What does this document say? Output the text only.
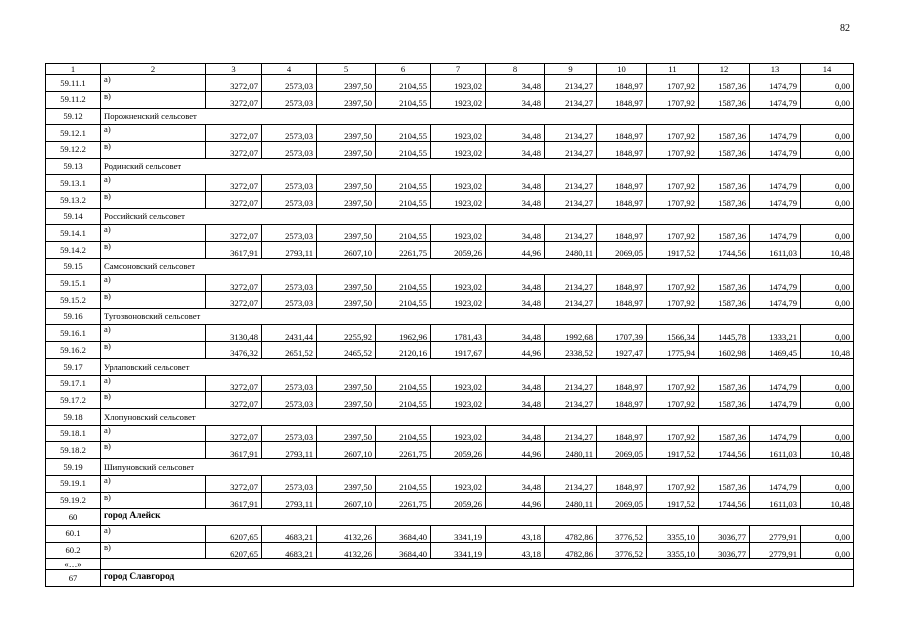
82
1	2	3	4	5	6	7	8	9	10	11	12	13	14
59.11.1	а)	3272,07	2573,03	2397,50	2104,55	1923,02	34,48	2134,27	1848,97	1707,92	1587,36	1474,79	0,00
59.11.2	в)	3272,07	2573,03	2397,50	2104,55	1923,02	34,48	2134,27	1848,97	1707,92	1587,36	1474,79	0,00
59.12	Порожненский сельсовет												
59.12.1	а)	3272,07	2573,03	2397,50	2104,55	1923,02	34,48	2134,27	1848,97	1707,92	1587,36	1474,79	0,00
59.12.2	в)	3272,07	2573,03	2397,50	2104,55	1923,02	34,48	2134,27	1848,97	1707,92	1587,36	1474,79	0,00
59.13	Родинский сельсовет												
59.13.1	а)	3272,07	2573,03	2397,50	2104,55	1923,02	34,48	2134,27	1848,97	1707,92	1587,36	1474,79	0,00
59.13.2	в)	3272,07	2573,03	2397,50	2104,55	1923,02	34,48	2134,27	1848,97	1707,92	1587,36	1474,79	0,00
59.14	Российский сельсовет												
59.14.1	а)	3272,07	2573,03	2397,50	2104,55	1923,02	34,48	2134,27	1848,97	1707,92	1587,36	1474,79	0,00
59.14.2	в)	3617,91	2793,11	2607,10	2261,75	2059,26	44,96	2480,11	2069,05	1917,52	1744,56	1611,03	10,48
59.15	Самсоновский сельсовет												
59.15.1	а)	3272,07	2573,03	2397,50	2104,55	1923,02	34,48	2134,27	1848,97	1707,92	1587,36	1474,79	0,00
59.15.2	в)	3272,07	2573,03	2397,50	2104,55	1923,02	34,48	2134,27	1848,97	1707,92	1587,36	1474,79	0,00
59.16	Тугозвоновский сельсовет												
59.16.1	а)	3130,48	2431,44	2255,92	1962,96	1781,43	34,48	1992,68	1707,39	1566,34	1445,78	1333,21	0,00
59.16.2	в)	3476,32	2651,52	2465,52	2120,16	1917,67	44,96	2338,52	1927,47	1775,94	1602,98	1469,45	10,48
59.17	Урлаповский сельсовет												
59.17.1	а)	3272,07	2573,03	2397,50	2104,55	1923,02	34,48	2134,27	1848,97	1707,92	1587,36	1474,79	0,00
59.17.2	в)	3272,07	2573,03	2397,50	2104,55	1923,02	34,48	2134,27	1848,97	1707,92	1587,36	1474,79	0,00
59.18	Хлопуновский сельсовет												
59.18.1	а)	3272,07	2573,03	2397,50	2104,55	1923,02	34,48	2134,27	1848,97	1707,92	1587,36	1474,79	0,00
59.18.2	в)	3617,91	2793,11	2607,10	2261,75	2059,26	44,96	2480,11	2069,05	1917,52	1744,56	1611,03	10,48
59.19	Шипуновский сельсовет												
59.19.1	а)	3272,07	2573,03	2397,50	2104,55	1923,02	34,48	2134,27	1848,97	1707,92	1587,36	1474,79	0,00
59.19.2	в)	3617,91	2793,11	2607,10	2261,75	2059,26	44,96	2480,11	2069,05	1917,52	1744,56	1611,03	10,48
60	город Алейск												
60.1	а)	6207,65	4683,21	4132,26	3684,40	3341,19	43,18	4782,86	3776,52	3355,10	3036,77	2779,91	0,00
60.2	в)	6207,65	4683,21	4132,26	3684,40	3341,19	43,18	4782,86	3776,52	3355,10	3036,77	2779,91	0,00
«…»													
67	город Славгород												
